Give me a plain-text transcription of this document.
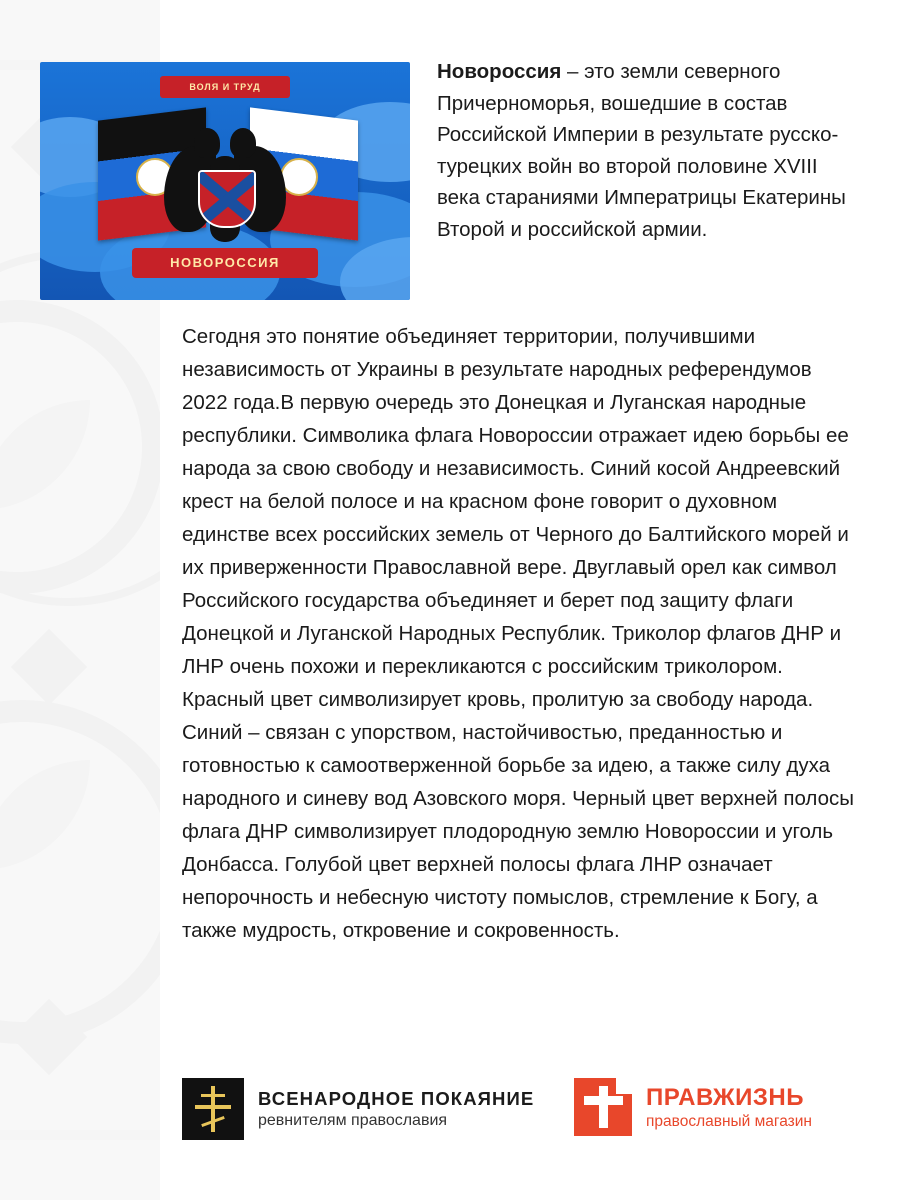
ВОЛЯ И ТРУД
НОВОРОССИЯ
Новороссия – это земли северного Причерноморья, вошедшие в состав Российской Империи в результате русско-турецких войн во второй половине XVIII века стараниями Императрицы Екатерины Второй и российской армии.
Сегодня это понятие объединяет территории, получившими независимость от Украины в результате народных референдумов 2022 года.В первую очередь это Донецкая и Луганская народные республики. Символика флага Новороссии отражает идею борьбы ее народа за свою свободу и независимость. Синий косой Андреевский крест на белой полосе и на красном фоне говорит о духовном единстве всех российских земель от Черного до Балтийского морей и их приверженности Православной вере. Двуглавый орел как символ Российского государства объединяет и берет под защиту флаги Донецкой и Луганской Народных Республик. Триколор флагов ДНР и ЛНР очень похожи и перекликаются с российским триколором. Красный цвет символизирует кровь, пролитую за свободу народа. Синий – связан с упорством, настойчивостью, преданностью и готовностью к самоотверженной борьбе за идею, а также силу духа народного и синеву вод Азовского моря. Черный цвет верхней полосы флага ДНР символизирует плодородную землю Новороссии и уголь Донбасса. Голубой цвет верхней полосы флага ЛНР означает непорочность и небесную чистоту помыслов, стремление к Богу, а также мудрость, откровение и сокровенность.
ВСЕНАРОДНОЕ ПОКАЯНИЕ
ревнителям православия
ПРАВЖИЗНЬ
православный магазин
